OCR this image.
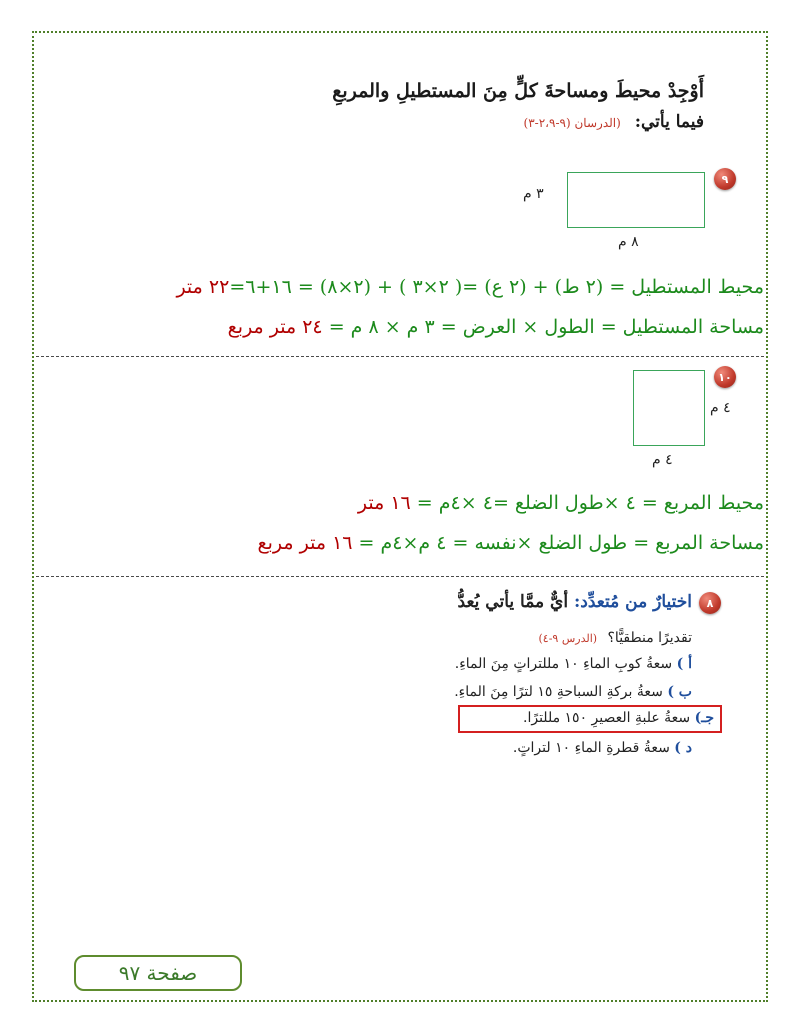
أَوْجِدْ محيطَ ومساحةَ كلٍّ مِنَ المستطيلِ والمربعِ
فيما يأتي: (الدرسان (٩-٢،٩-٣)
٩
٣ م
٨ م
محيط المستطيل = (٢ ط) + (٢ ع) =( ٢×٣ ) + (٢×٨) = ١٦+٦=٢٢ متر
مساحة المستطيل = الطول × العرض = ٣ م × ٨ م = ٢٤ متر مربع
١٠
٤ م
٤ م
محيط المربع = ٤ ×طول الضلع =٤ ×٤م = ١٦ متر
مساحة المربع = طول الضلع ×نفسه = ٤ م×٤م = ١٦ متر مربع
٨
اختيارٌ من مُتعدِّد: أيٌّ ممَّا يأتي يُعدُّ
تقديرًا منطقيًّا؟ (الدرس ٩-٤)
أ ) سعةُ كوبِ الماءِ ١٠ مللتراتٍ مِنَ الماءِ.
ب ) سعةُ بركةِ السباحةِ ١٥ لترًا مِنَ الماءِ.
جـ) سعةُ علبةِ العصيرِ ١٥٠ مللترًا.
د ) سعةُ قطرةِ الماءِ ١٠ لتراتٍ.
صفحة ٩٧
